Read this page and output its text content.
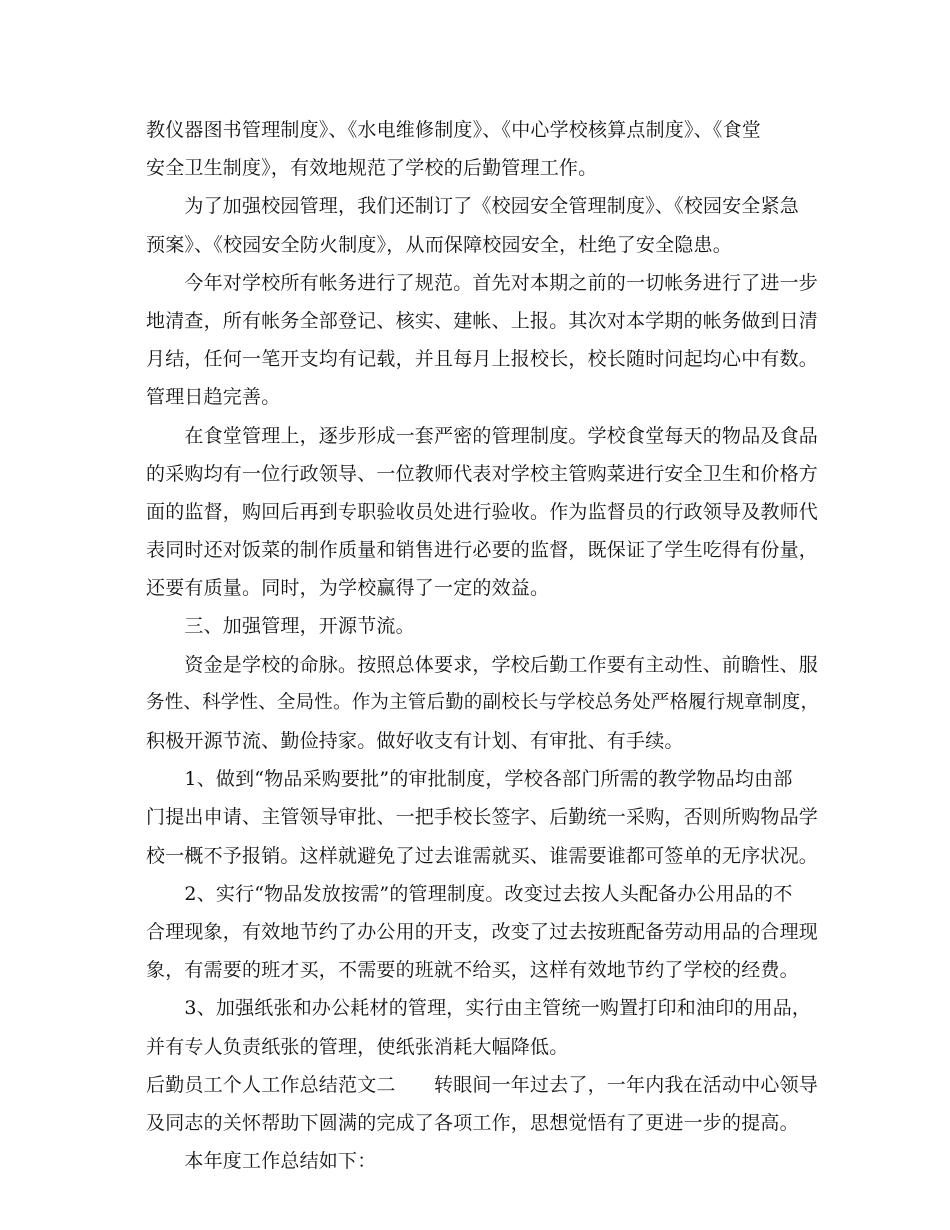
教仪器图书管理制度》、《水电维修制度》、《中心学校核算点制度》、《食堂
安全卫生制度》，有效地规范了学校的后勤管理工作。
　　为了加强校园管理，我们还制订了《校园安全管理制度》、《校园安全紧急
预案》、《校园安全防火制度》，从而保障校园安全，杜绝了安全隐患。
　　今年对学校所有帐务进行了规范。首先对本期之前的一切帐务进行了进一步
地清查，所有帐务全部登记、核实、建帐、上报。其次对本学期的帐务做到日清
月结，任何一笔开支均有记载，并且每月上报校长，校长随时问起均心中有数。
管理日趋完善。
　　在食堂管理上，逐步形成一套严密的管理制度。学校食堂每天的物品及食品
的采购均有一位行政领导、一位教师代表对学校主管购菜进行安全卫生和价格方
面的监督，购回后再到专职验收员处进行验收。作为监督员的行政领导及教师代
表同时还对饭菜的制作质量和销售进行必要的监督，既保证了学生吃得有份量，
还要有质量。同时，为学校赢得了一定的效益。
　　三、加强管理，开源节流。
　　资金是学校的命脉。按照总体要求，学校后勤工作要有主动性、前瞻性、服
务性、科学性、全局性。作为主管后勤的副校长与学校总务处严格履行规章制度，
积极开源节流、勤俭持家。做好收支有计划、有审批、有手续。
　　1、做到“物品采购要批”的审批制度，学校各部门所需的教学物品均由部
门提出申请、主管领导审批、一把手校长签字、后勤统一采购，否则所购物品学
校一概不予报销。这样就避免了过去谁需就买、谁需要谁都可签单的无序状况。
　　2、实行“物品发放按需”的管理制度。改变过去按人头配备办公用品的不
合理现象，有效地节约了办公用的开支，改变了过去按班配备劳动用品的合理现
象，有需要的班才买，不需要的班就不给买，这样有效地节约了学校的经费。
　　3、加强纸张和办公耗材的管理，实行由主管统一购置打印和油印的用品，
并有专人负责纸张的管理，使纸张消耗大幅降低。
后勤员工个人工作总结范文二　　转眼间一年过去了，一年内我在活动中心领导
及同志的关怀帮助下圆满的完成了各项工作，思想觉悟有了更进一步的提高。
　　本年度工作总结如下：
